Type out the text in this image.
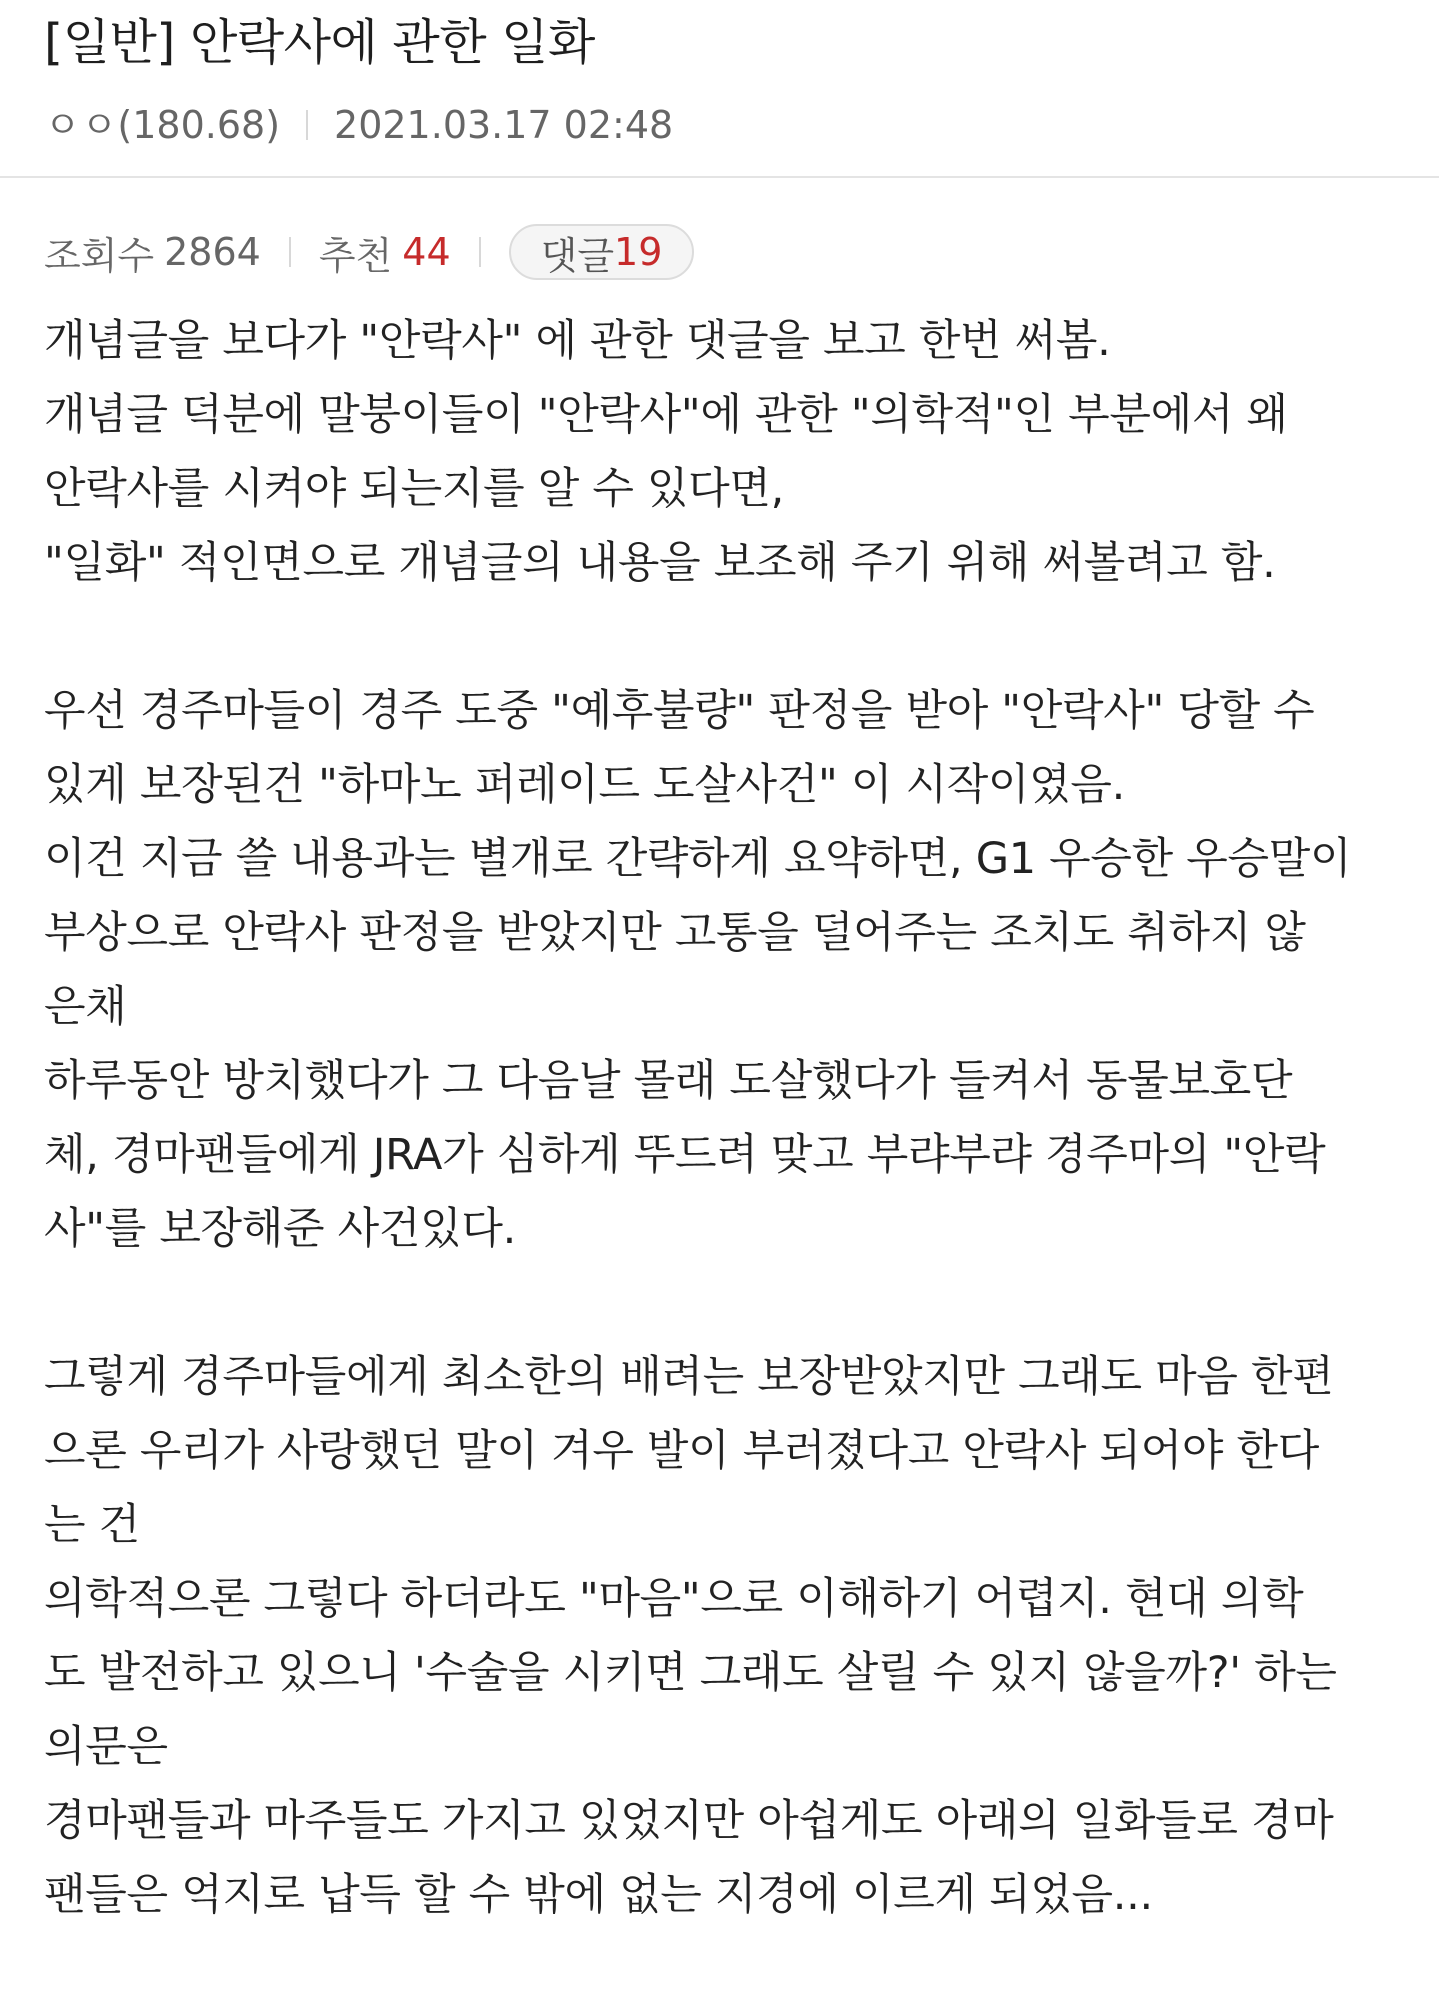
[일반] 안락사에 관한 일화
ㅇㅇ(180.68) 2021.03.17 02:48
조회수 2864 추천 44 댓글 19

개념글을 보다가 "안락사" 에 관한 댓글을 보고 한번 써봄.

개념글 덕분에 말붕이들이 "안락사"에 관한 "의학적"인 부분에서 왜

안락사를 시켜야 되는지를 알 수 있다면,

"일화" 적인면으로 개념글의 내용을 보조해 주기 위해 써볼려고 함.

우선 경주마들이 경주 도중 "예후불량" 판정을 받아 "안락사" 당할 수

있게 보장된건 "하마노 퍼레이드 도살사건" 이 시작이였음.

이건 지금 쓸 내용과는 별개로 간략하게 요약하면, G1 우승한 우승말이

부상으로 안락사 판정을 받았지만 고통을 덜어주는 조치도 취하지 않

은채

하루동안 방치했다가 그 다음날 몰래 도살했다가 들켜서 동물보호단

체, 경마팬들에게 JRA가 심하게 뚜드려 맞고 부랴부랴 경주마의 "안락

사"를 보장해준 사건있다.

그렇게 경주마들에게 최소한의 배려는 보장받았지만 그래도 마음 한편

으론 우리가 사랑했던 말이 겨우 발이 부러졌다고 안락사 되어야 한다

는 건

의학적으론 그렇다 하더라도 "마음"으로 이해하기 어렵지. 현대 의학

도 발전하고 있으니 '수술을 시키면 그래도 살릴 수 있지 않을까?' 하는

의문은

경마팬들과 마주들도 가지고 있었지만 아쉽게도 아래의 일화들로 경마

팬들은 억지로 납득 할 수 밖에 없는 지경에 이르게 되었음...
